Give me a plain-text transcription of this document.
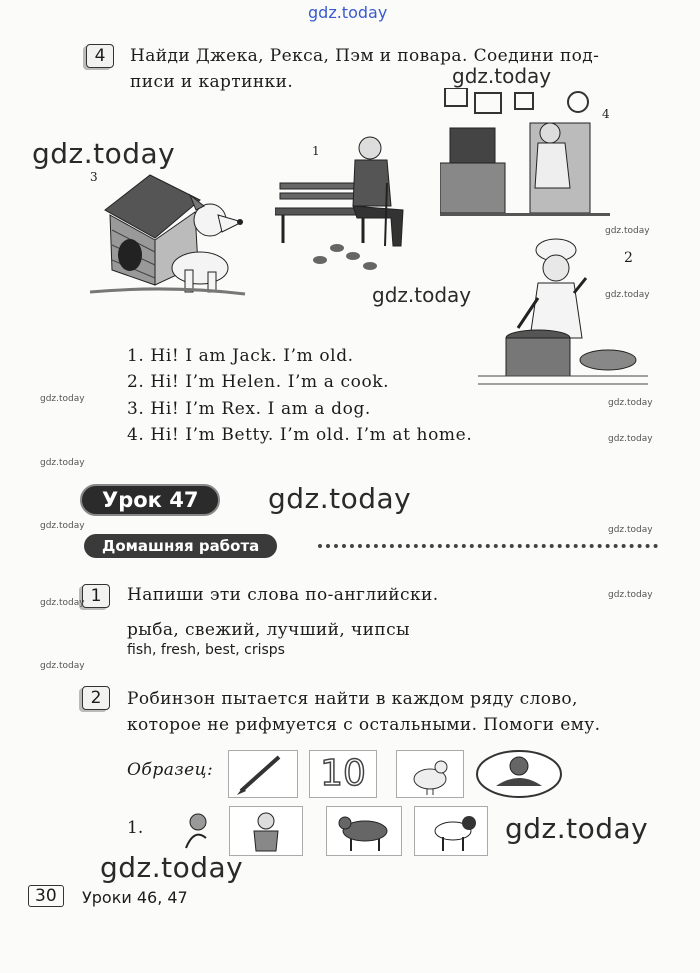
gdz.today
4	Найди Джека, Рекса, Пэм и повара. Соедини под-
писи и картинки.
3
1
4
2
1. Hi! I am Jack. I’m old.
2. Hi! I’m Helen. I’m a cook.
3. Hi! I’m Rex. I am a dog.
4. Hi! I’m Betty. I’m old. I’m at home.
Урок 47
Домашняя работа
1	Напиши эти слова по-английски.
рыба, свежий, лучший, чипсы
fish, fresh, best, crisps
2	Робинзон пытается найти в каждом ряду слово,
которое не рифмуется с остальными. Помоги ему.
Образец:	10
1.
30	Уроки 46, 47
gdz.today
gdz.today
gdz.today
gdz.today
gdz.today
gdz.today
gdz.today
gdz.today
gdz.today	gdz.today
gdz.today
gdz.today
gdz.today	gdz.today
gdz.today
gdz.today
gdz.today
